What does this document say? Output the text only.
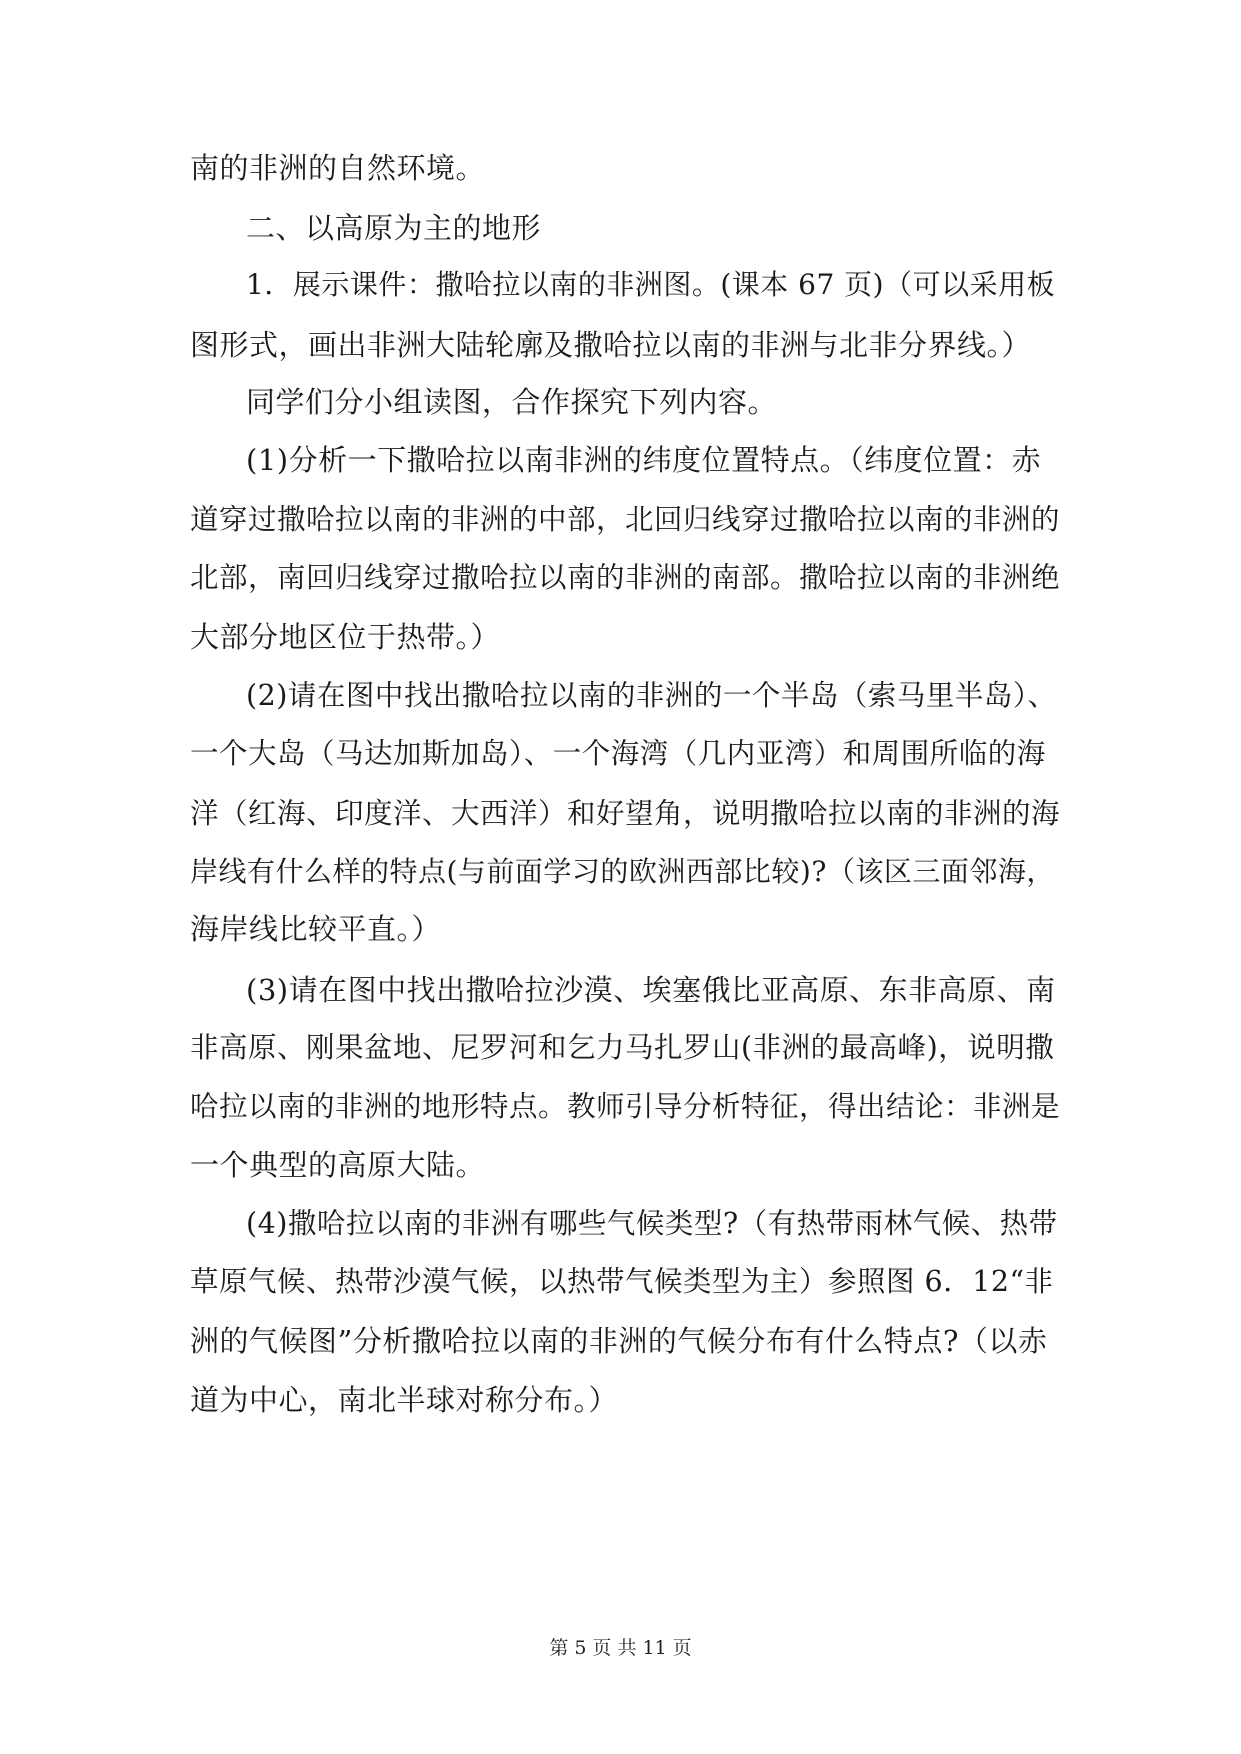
南的非洲的自然环境。
二、以高原为主的地形
1．展示课件：撒哈拉以南的非洲图。(课本 67 页)（可以采用板
图形式，画出非洲大陆轮廓及撒哈拉以南的非洲与北非分界线。）
同学们分小组读图，合作探究下列内容。
(1)分析一下撒哈拉以南非洲的纬度位置特点。（纬度位置：赤
道穿过撒哈拉以南的非洲的中部，北回归线穿过撒哈拉以南的非洲的
北部，南回归线穿过撒哈拉以南的非洲的南部。撒哈拉以南的非洲绝
大部分地区位于热带。）
(2)请在图中找出撒哈拉以南的非洲的一个半岛（索马里半岛）、
一个大岛（马达加斯加岛）、一个海湾（几内亚湾）和周围所临的海
洋（红海、印度洋、大西洋）和好望角，说明撒哈拉以南的非洲的海
岸线有什么样的特点(与前面学习的欧洲西部比较)?（该区三面邻海，
海岸线比较平直。）
(3)请在图中找出撒哈拉沙漠、埃塞俄比亚高原、东非高原、南
非高原、刚果盆地、尼罗河和乞力马扎罗山(非洲的最高峰)，说明撒
哈拉以南的非洲的地形特点。教师引导分析特征，得出结论：非洲是
一个典型的高原大陆。
(4)撒哈拉以南的非洲有哪些气候类型?（有热带雨林气候、热带
草原气候、热带沙漠气候，以热带气候类型为主）参照图 6．12“非
洲的气候图”分析撒哈拉以南的非洲的气候分布有什么特点?（以赤
道为中心，南北半球对称分布。）
第 5 页 共 11 页
